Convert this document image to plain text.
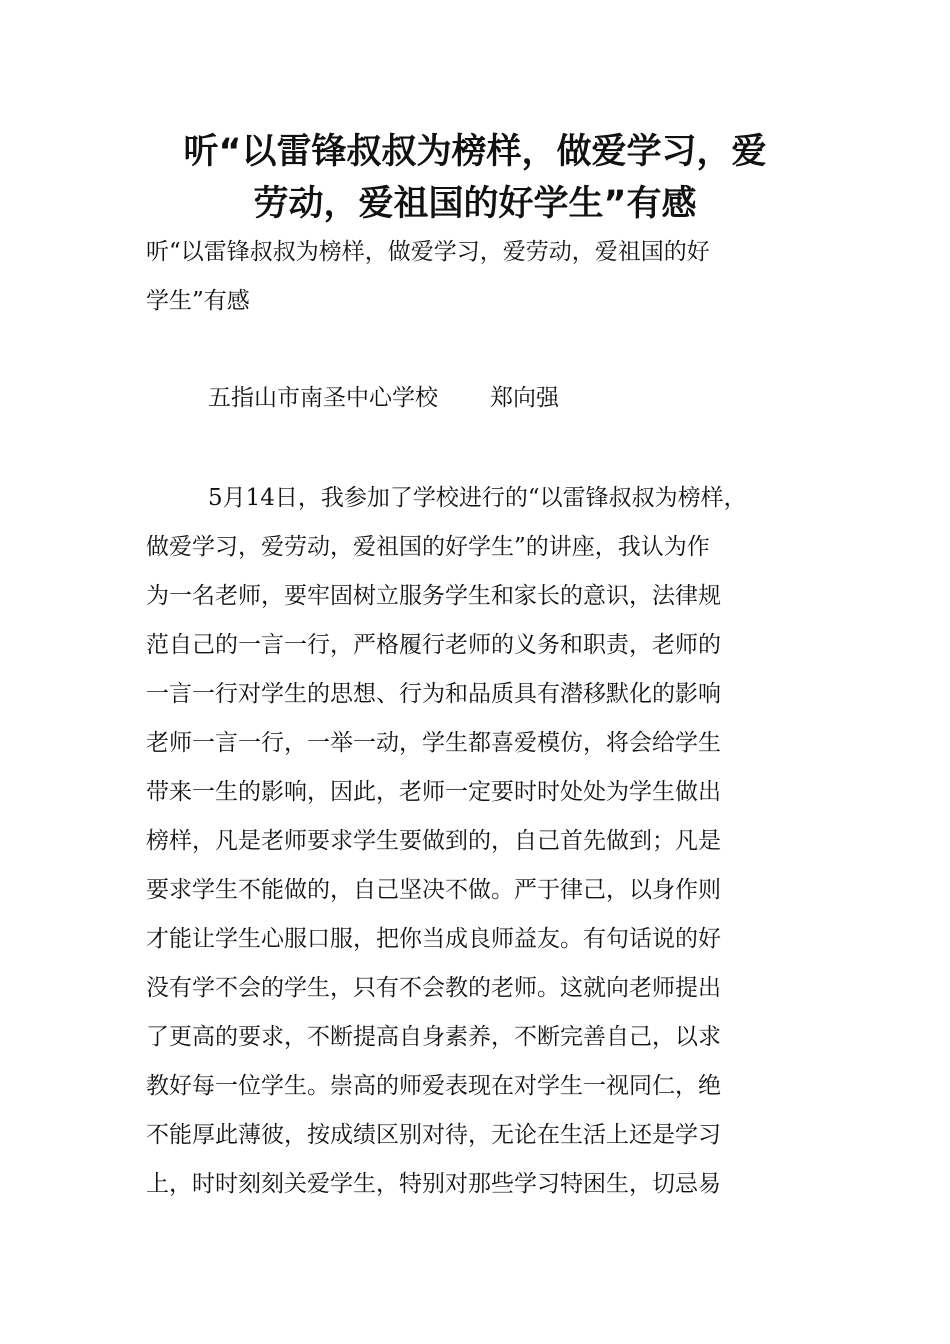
听“以雷锋叔叔为榜样，做爱学习，爱
劳动，爱祖国的好学生”有感
听“以雷锋叔叔为榜样，做爱学习，爱劳动，爱祖国的好
学生”有感
五指山市南圣中心学校 郑向强
5月14日，我参加了学校进行的“以雷锋叔叔为榜样，
做爱学习，爱劳动，爱祖国的好学生”的讲座，我认为作
为一名老师，要牢固树立服务学生和家长的意识，法律规
范自己的一言一行，严格履行老师的义务和职责，老师的
一言一行对学生的思想、行为和品质具有潜移默化的影响
老师一言一行，一举一动，学生都喜爱模仿，将会给学生
带来一生的影响，因此，老师一定要时时处处为学生做出
榜样，凡是老师要求学生要做到的，自己首先做到；凡是
要求学生不能做的，自己坚决不做。严于律己，以身作则
才能让学生心服口服，把你当成良师益友。有句话说的好
没有学不会的学生，只有不会教的老师。这就向老师提出
了更高的要求，不断提高自身素养，不断完善自己，以求
教好每一位学生。崇高的师爱表现在对学生一视同仁，绝
不能厚此薄彼，按成绩区别对待，无论在生活上还是学习
上，时时刻刻关爱学生，特别对那些学习特困生，切忌易
